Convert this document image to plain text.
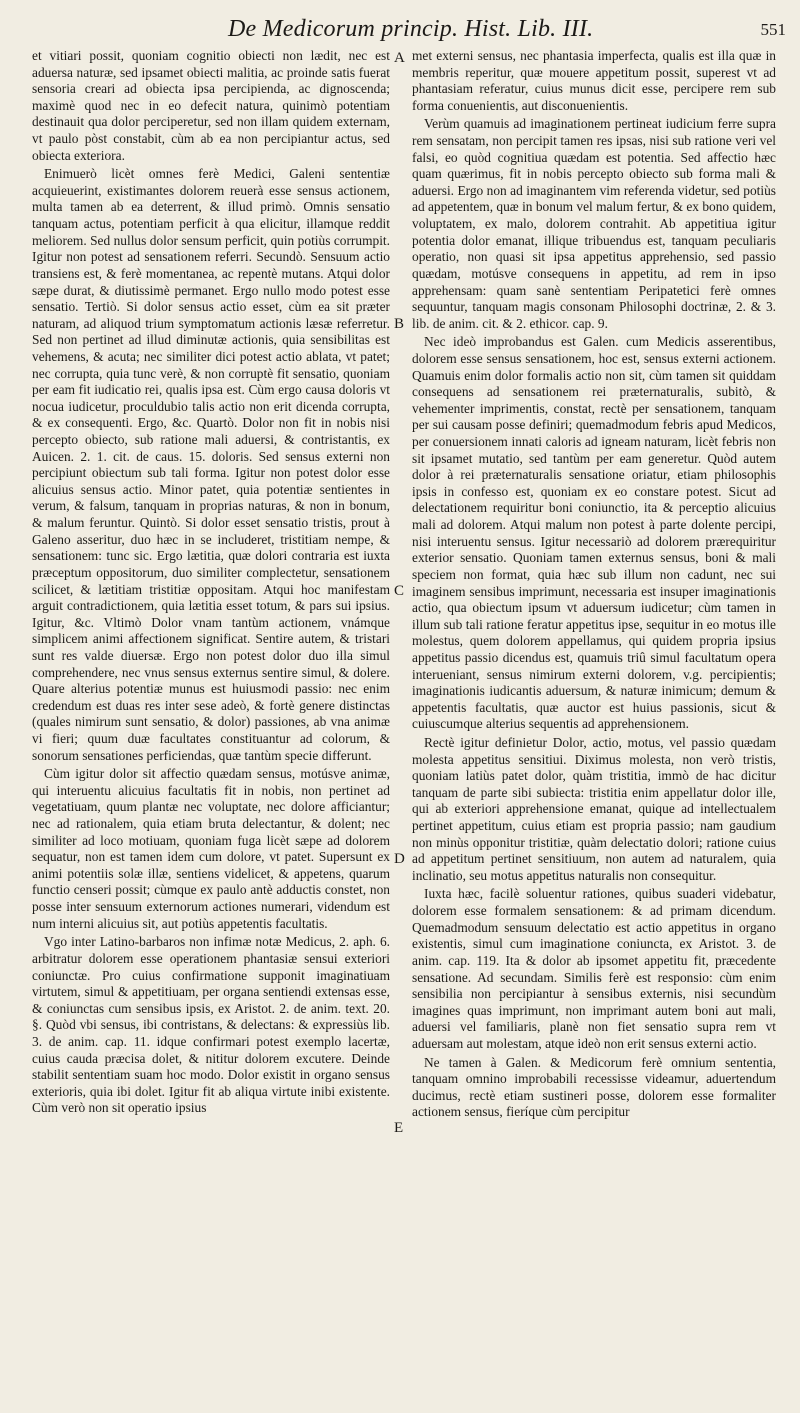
De Medicorum princip. Hist. Lib. III.	551

et vitiari possit, quoniam cognitio obiecti non lædit, nec est aduersa naturæ, sed ipsamet obiecti malitia, ac proinde satis fuerat sensoria creari ad obiecta ipsa percipienda, ac dignoscenda; maximè quod nec in eo defecit natura, quinimò potentiam destinauit qua dolor perciperetur, sed non illam quidem externam, vt paulo pòst constabit, cùm ab ea non percipiantur actus, sed obiecta exteriora.

Enimuerò licèt omnes ferè Medici, Galeni sententiæ acquieuerint, existimantes dolorem reuerà esse sensus actionem, multa tamen ab ea deterrent, & illud primò. Omnis sensatio tanquam actus, potentiam perficit à qua elicitur, illamque reddit meliorem. Sed nullus dolor sensum perficit, quin potiùs corrumpit. Igitur non potest ad sensationem referri. Secundò. Sensuum actio transiens est, & ferè momentanea, ac repentè mutans. Atqui dolor sæpe durat, & diutissimè permanet. Ergo nullo modo potest esse sensatio. Tertiò. Si dolor sensus actio esset, cùm ea sit præter naturam, ad aliquod trium symptomatum actionis læsæ referretur. Sed non pertinet ad illud diminutæ actionis, quia sensibilitas est vehemens, & acuta; nec similiter dici potest actio ablata, vt patet; nec corrupta, quia tunc verè, & non corruptè fit sensatio, quoniam per eam fit iudicatio rei, qualis ipsa est. Cùm ergo causa doloris vt nocua iudicetur, proculdubio talis actio non erit dicenda corrupta, & ex consequenti. Ergo, &c. Quartò. Dolor non fit in nobis nisi percepto obiecto, sub ratione mali aduersi, & contristantis, ex Auicen. 2. 1. cit. de caus. 15. doloris. Sed sensus externi non percipiunt obiectum sub tali forma. Igitur non potest dolor esse alicuius sensus actio. Minor patet, quia potentiæ sentientes in verum, & falsum, tanquam in proprias naturas, & non in bonum, & malum feruntur. Quintò. Si dolor esset sensatio tristis, prout à Galeno asseritur, duo hæc in se includeret, tristitiam nempe, & sensationem: tunc sic. Ergo lætitia, quæ dolori contraria est iuxta præceptum oppositorum, duo similiter complectetur, sensationem scilicet, & lætitiam tristitiæ oppositam. Atqui hoc manifestam arguit contradictionem, quia lætitia esset totum, & pars sui ipsius. Igitur, &c. Vltimò Dolor vnam tantùm actionem, vnámque simplicem animi affectionem significat. Sentire autem, & tristari sunt res valde diuersæ. Ergo non potest dolor duo illa simul comprehendere, nec vnus sensus externus sentire simul, & dolere. Quare alterius potentiæ munus est huiusmodi passio: nec enim credendum est duas res inter sese adeò, & fortè genere distinctas (quales nimirum sunt sensatio, & dolor) passiones, ab vna animæ vi fieri; quum duæ facultates constituantur ad colorum, & sonorum sensationes perficiendas, quæ tantùm specie differunt.

Cùm igitur dolor sit affectio quædam sensus, motúsve animæ, qui interuentu alicuius facultatis fit in nobis, non pertinet ad vegetatiuam, quum plantæ nec voluptate, nec dolore afficiantur; nec ad rationalem, quia etiam bruta delectantur, & dolent; nec similiter ad loco motiuam, quoniam fuga licèt sæpe ad dolorem sequatur, non est tamen idem cum dolore, vt patet. Supersunt ex animi potentiis solæ illæ, sentiens videlicet, & appetens, quarum functio censeri possit; cùmque ex paulo antè adductis constet, non posse inter sensuum externorum actiones numerari, videndum est num interni alicuius sit, aut potiùs appetentis facultatis.

Vgo inter Latino-barbaros non infimæ notæ Medicus, 2. aph. 6. arbitratur dolorem esse operationem phantasiæ sensui exteriori coniunctæ. Pro cuius confirmatione supponit imaginatiuam virtutem, simul & appetitiuam, per organa sentiendi extensas esse, & coniunctas cum sensibus ipsis, ex Aristot. 2. de anim. text. 20. §. Quòd vbi sensus, ibi contristans, & delectans: & expressiùs lib. 3. de anim. cap. 11. idque confirmari potest exemplo lacertæ, cuius cauda præcisa dolet, & nititur dolorem excutere. Deinde stabilit sententiam suam hoc modo. Dolor existit in organo sensus exterioris, quia ibi dolet. Igitur fit ab aliqua virtute inibi existente. Cùm verò non sit operatio ipsius

A
B
C
D
E

met externi sensus, nec phantasia imperfecta, qualis est illa quæ in membris reperitur, quæ mouere appetitum possit, superest vt ad phantasiam referatur, cuius munus dicit esse, percipere rem sub forma conuenientis, aut disconuenientis.

Verùm quamuis ad imaginationem pertineat iudicium ferre supra rem sensatam, non percipit tamen res ipsas, nisi sub ratione veri vel falsi, eo quòd cognitiua quædam est potentia. Sed affectio hæc quam quærimus, fit in nobis percepto obiecto sub forma mali & aduersi. Ergo non ad imaginantem vim referenda videtur, sed potiùs ad appetentem, quæ in bonum vel malum fertur, & ex bono quidem, voluptatem, ex malo, dolorem contrahit. Ab appetitiua igitur potentia dolor emanat, illique tribuendus est, tanquam peculiaris operatio, non quasi sit ipsa appetitus apprehensio, sed passio quædam, motúsve consequens in appetitu, ad rem in ipso apprehensam: quam sanè sententiam Peripatetici ferè omnes sequuntur, tanquam magis consonam Philosophi doctrinæ, 2. & 3. lib. de anim. cit. & 2. ethicor. cap. 9.

Nec ideò improbandus est Galen. cum Medicis asserentibus, dolorem esse sensus sensationem, hoc est, sensus externi actionem. Quamuis enim dolor formalis actio non sit, cùm tamen sit quiddam consequens ad sensationem rei præternaturalis, subitò, & vehementer imprimentis, constat, rectè per sensationem, tanquam per sui causam posse definiri; quemadmodum febris apud Medicos, per conuersionem innati caloris ad igneam naturam, licèt febris non sit ipsamet mutatio, sed tantùm per eam generetur. Quòd autem dolor à rei præternaturalis sensatione oriatur, etiam philosophis ipsis in confesso est, quoniam ex eo constare potest. Sicut ad delectationem requiritur boni coniunctio, ita & perceptio alicuius mali ad dolorem. Atqui malum non potest à parte dolente percipi, nisi interuentu sensus. Igitur necessariò ad dolorem prærequiritur exterior sensatio. Quoniam tamen externus sensus, boni & mali speciem non format, quia hæc sub illum non cadunt, nec sui imaginem sensibus imprimunt, necessaria est insuper imaginationis actio, qua obiectum ipsum vt aduersum iudicetur; cùm tamen in illum sub tali ratione feratur appetitus ipse, sequitur in eo motus ille molestus, quem dolorem appellamus, qui quidem propria ipsius appetitus passio dicendus est, quamuis triû simul facultatum opera interueniant, sensus nimirum externi dolorem, v.g. percipientis; imaginationis iudicantis aduersum, & naturæ inimicum; demum & appetentis facultatis, quæ auctor est huius passionis, sicut & cuiuscumque alterius sequentis ad apprehensionem.

Rectè igitur definietur Dolor, actio, motus, vel passio quædam molesta appetitus sensitiui. Diximus molesta, non verò tristis, quoniam latiùs patet dolor, quàm tristitia, immò de hac dicitur tanquam de parte sibi subiecta: tristitia enim appellatur dolor ille, qui ab exteriori apprehensione emanat, quique ad intellectualem pertinet appetitum, cuius etiam est propria passio; nam gaudium non minùs opponitur tristitiæ, quàm delectatio dolori; ratione cuius ad appetitum pertinet sensitiuum, non autem ad naturalem, quia inclinatio, seu motus appetitus naturalis non consequitur.

Iuxta hæc, facilè soluentur rationes, quibus suaderi videbatur, dolorem esse formalem sensationem: & ad primam dicendum. Quemadmodum sensuum delectatio est actio appetitus in organo existentis, simul cum imaginatione coniuncta, ex Aristot. 3. de anim. cap. 119. Ita & dolor ab ipsomet appetitu fit, præcedente sensatione. Ad secundam. Similis ferè est responsio: cùm enim sensibilia non percipiantur à sensibus externis, nisi secundùm imagines quas imprimunt, non imprimant autem boni aut mali, aduersi vel familiaris, planè non fiet sensatio supra rem vt aduersam aut molestam, atque ideò non erit sensus externi actio.

Ne tamen à Galen. & Medicorum ferè omnium sententia, tanquam omnino improbabili recessisse videamur, aduertendum ducimus, rectè etiam sustineri posse, dolorem esse formaliter actionem sensus, fieríque cùm percipitur
